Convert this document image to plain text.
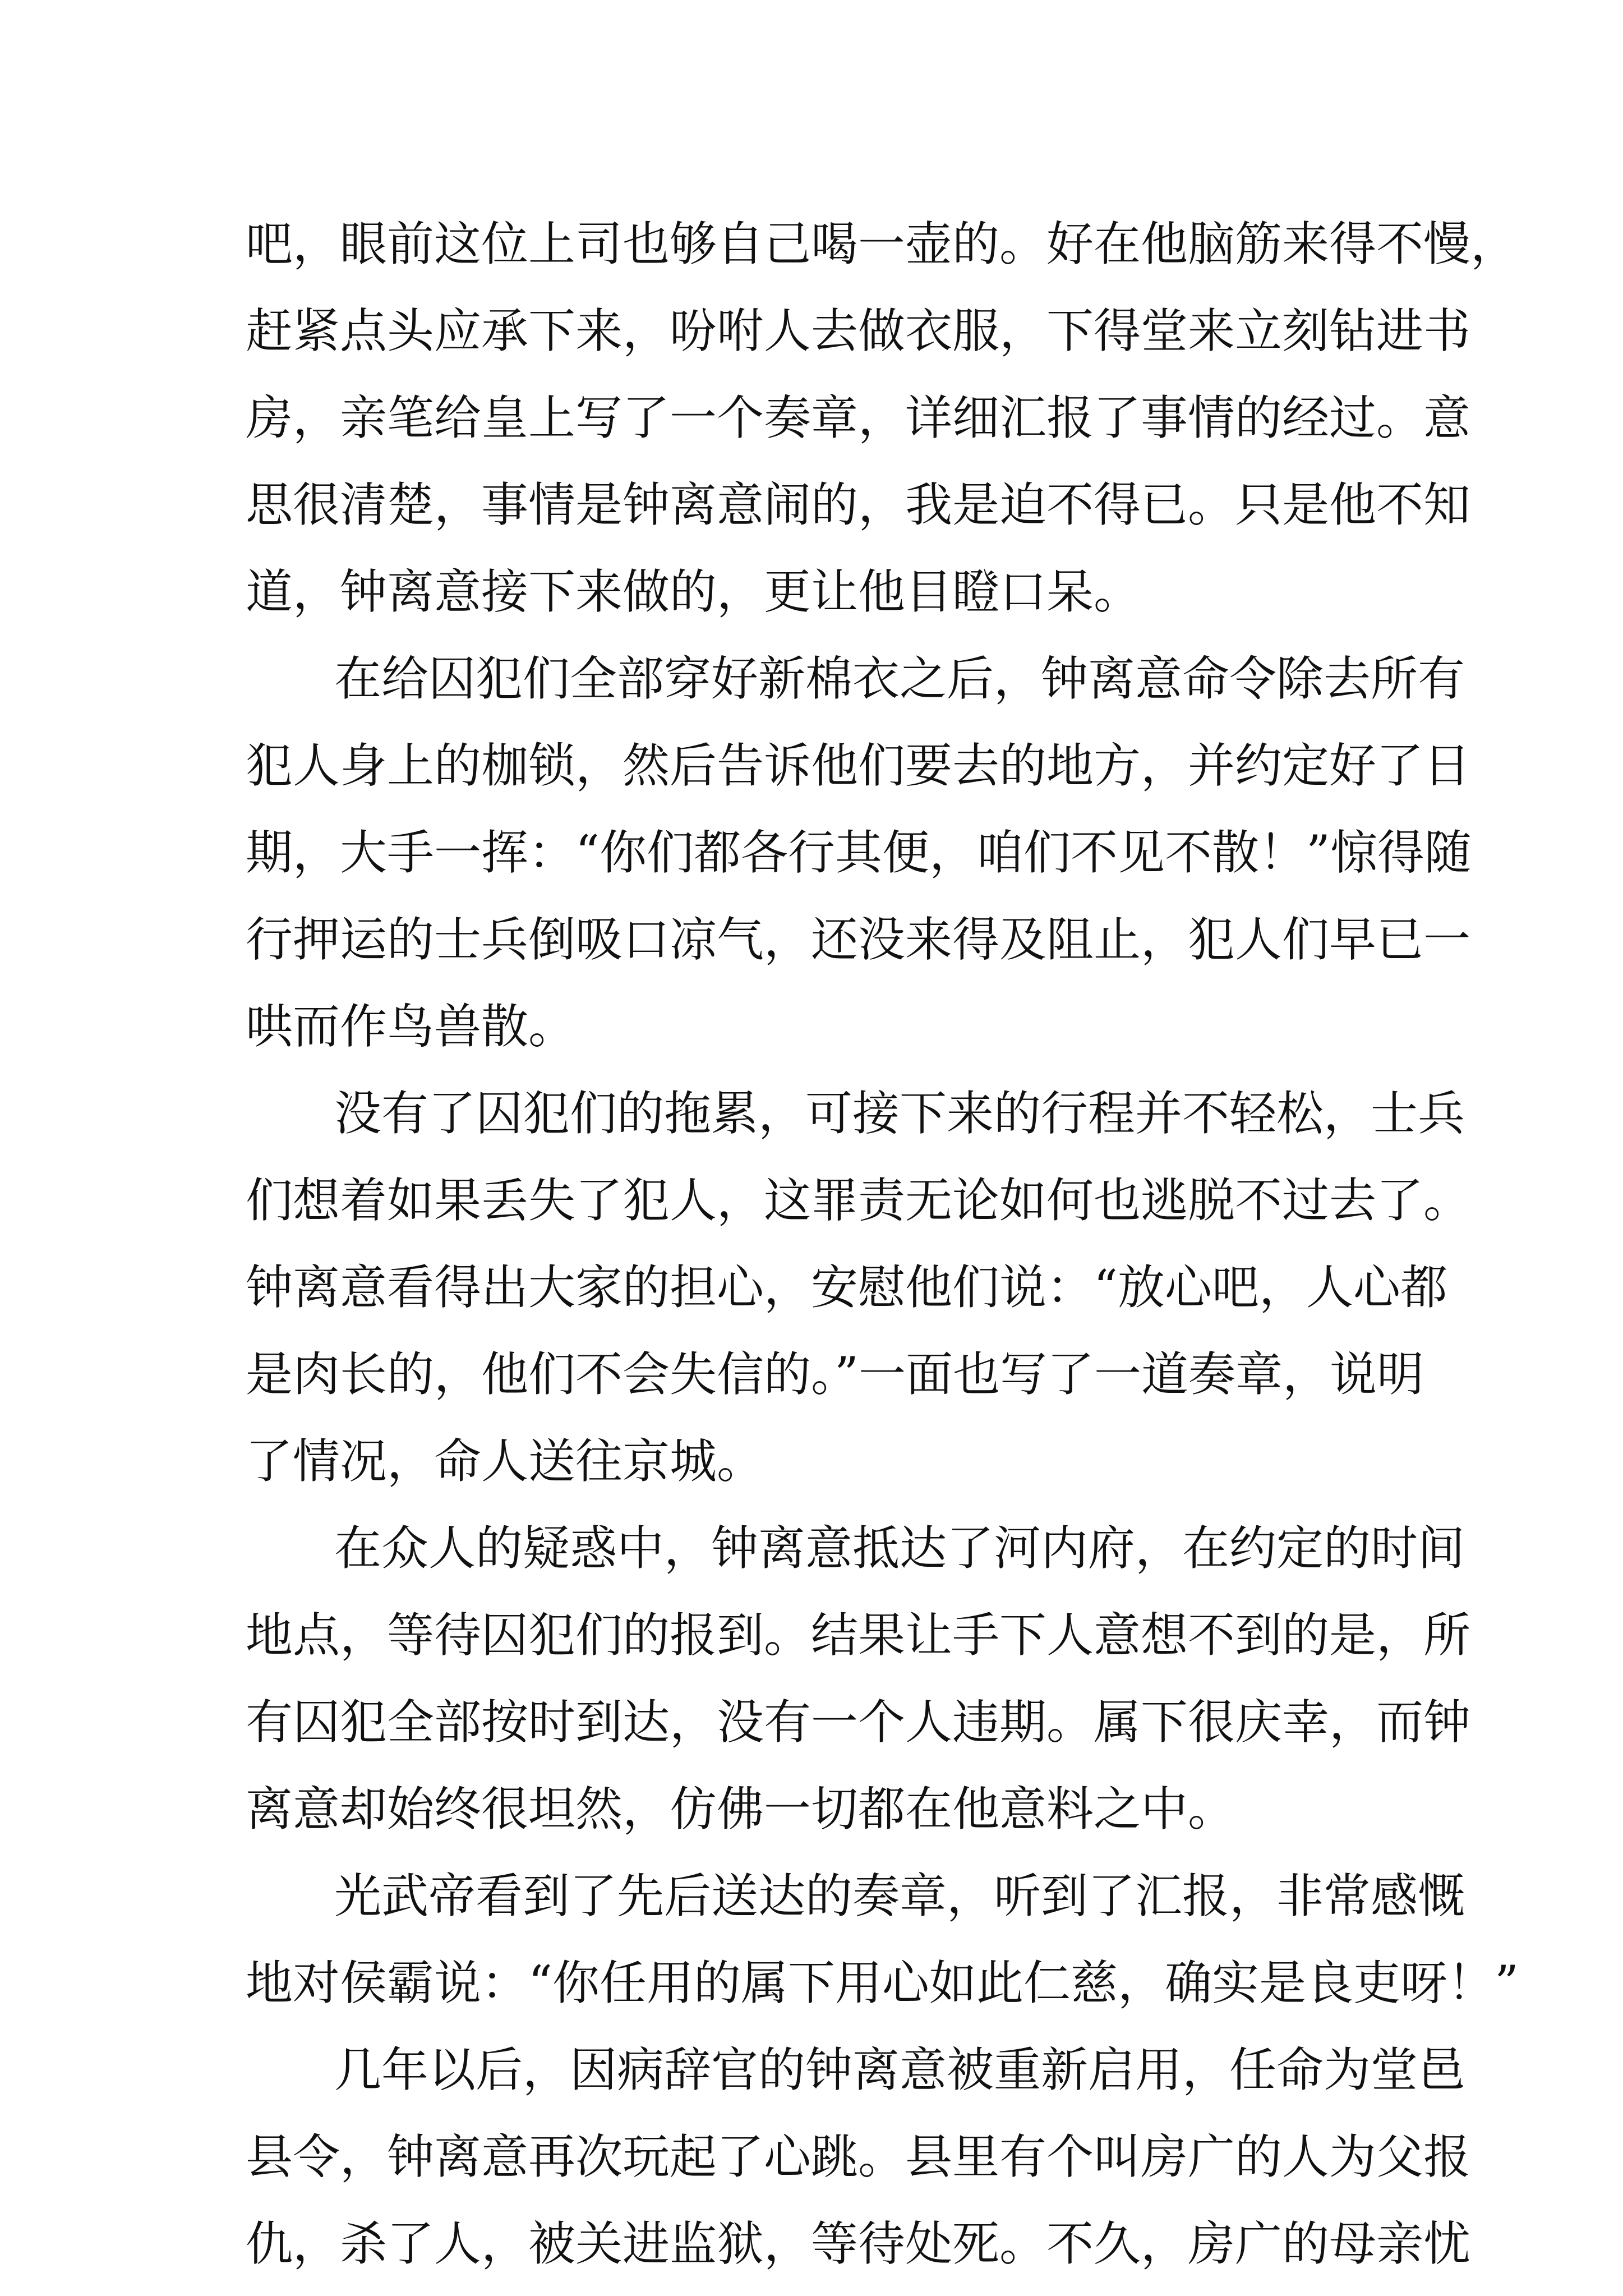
吧，眼前这位上司也够自己喝一壶的。好在他脑筋来得不慢，
赶紧点头应承下来，吩咐人去做衣服，下得堂来立刻钻进书
房，亲笔给皇上写了一个奏章，详细汇报了事情的经过。意
思很清楚，事情是钟离意闹的，我是迫不得已。只是他不知
道，钟离意接下来做的，更让他目瞪口呆。
在给囚犯们全部穿好新棉衣之后，钟离意命令除去所有
犯人身上的枷锁，然后告诉他们要去的地方，并约定好了日
期，大手一挥：“你们都各行其便，咱们不见不散！”惊得随
行押运的士兵倒吸口凉气，还没来得及阻止，犯人们早已一
哄而作鸟兽散。
没有了囚犯们的拖累，可接下来的行程并不轻松，士兵
们想着如果丢失了犯人，这罪责无论如何也逃脱不过去了。
钟离意看得出大家的担心，安慰他们说：“放心吧，人心都
是肉长的，他们不会失信的。”一面也写了一道奏章，说明
了情况，命人送往京城。
在众人的疑惑中，钟离意抵达了河内府，在约定的时间
地点，等待囚犯们的报到。结果让手下人意想不到的是，所
有囚犯全部按时到达，没有一个人违期。属下很庆幸，而钟
离意却始终很坦然，仿佛一切都在他意料之中。
光武帝看到了先后送达的奏章，听到了汇报，非常感慨
地对侯霸说：“你任用的属下用心如此仁慈，确实是良吏呀！”
几年以后，因病辞官的钟离意被重新启用，任命为堂邑
县令，钟离意再次玩起了心跳。县里有个叫房广的人为父报
仇，杀了人，被关进监狱，等待处死。不久，房广的母亲忧
